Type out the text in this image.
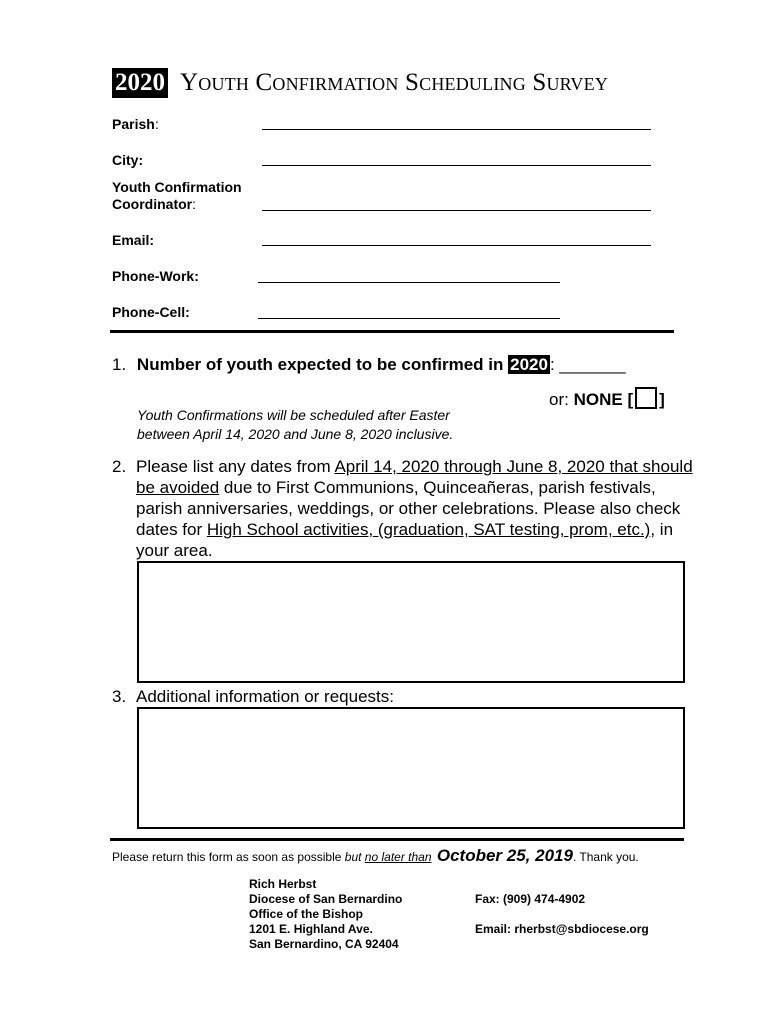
2020 Youth Confirmation Scheduling Survey
Parish:
City:
Youth Confirmation
Coordinator:
Email:
Phone-Work:
Phone-Cell:
1. Number of youth expected to be confirmed in 2020 : _______
or: NONE [ ]
Youth Confirmations will be scheduled after Easter
between April 14, 2020 and June 8, 2020 inclusive.
2. Please list any dates from April 14, 2020 through June 8, 2020 that should be avoided due to First Communions, Quinceañeras, parish festivals, parish anniversaries, weddings, or other celebrations. Please also check dates for High School activities, (graduation, SAT testing, prom, etc.), in your area.
3. Additional information or requests:
Please return this form as soon as possible but no later than October 25, 2019. Thank you.
Rich Herbst
Diocese of San Bernardino
Office of the Bishop
1201 E. Highland Ave.
San Bernardino, CA 92404
Fax: (909) 474-4902
Email: rherbst@sbdiocese.org
